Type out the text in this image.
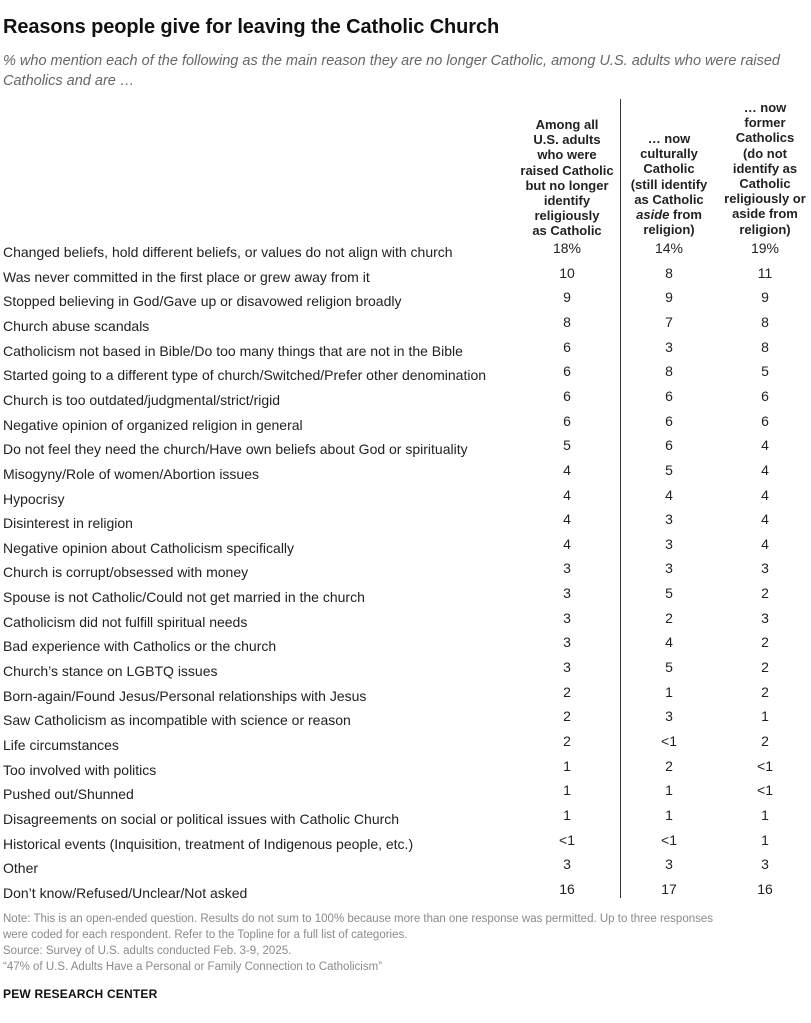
Reasons people give for leaving the Catholic Church
% who mention each of the following as the main reason they are no longer Catholic, among U.S. adults who were raised Catholics and are …
Among all
U.S. adults
who were
raised Catholic
but no longer
identify
religiously
as Catholic
… now
culturally
Catholic
(still identify
as Catholic
aside from
religion)
… now
former
Catholics
(do not
identify as
Catholic
religiously or
aside from
religion)
Changed beliefs, hold different beliefs, or values do not align with church	18%	14%	19%
Was never committed in the first place or grew away from it	10	8	11
Stopped believing in God/Gave up or disavowed religion broadly	9	9	9
Church abuse scandals	8	7	8
Catholicism not based in Bible/Do too many things that are not in the Bible	6	3	8
Started going to a different type of church/Switched/Prefer other denomination	6	8	5
Church is too outdated/judgmental/strict/rigid	6	6	6
Negative opinion of organized religion in general	6	6	6
Do not feel they need the church/Have own beliefs about God or spirituality	5	6	4
Misogyny/Role of women/Abortion issues	4	5	4
Hypocrisy	4	4	4
Disinterest in religion	4	3	4
Negative opinion about Catholicism specifically	4	3	4
Church is corrupt/obsessed with money	3	3	3
Spouse is not Catholic/Could not get married in the church	3	5	2
Catholicism did not fulfill spiritual needs	3	2	3
Bad experience with Catholics or the church	3	4	2
Church’s stance on LGBTQ issues	3	5	2
Born-again/Found Jesus/Personal relationships with Jesus	2	1	2
Saw Catholicism as incompatible with science or reason	2	3	1
Life circumstances	2	<1	2
Too involved with politics	1	2	<1
Pushed out/Shunned	1	1	<1
Disagreements on social or political issues with Catholic Church	1	1	1
Historical events (Inquisition, treatment of Indigenous people, etc.)	<1	<1	1
Other	3	3	3
Don’t know/Refused/Unclear/Not asked	16	17	16
Note: This is an open-ended question. Results do not sum to 100% because more than one response was permitted. Up to three responses
were coded for each respondent. Refer to the Topline for a full list of categories.
Source: Survey of U.S. adults conducted Feb. 3-9, 2025.
“47% of U.S. Adults Have a Personal or Family Connection to Catholicism”
PEW RESEARCH CENTER
